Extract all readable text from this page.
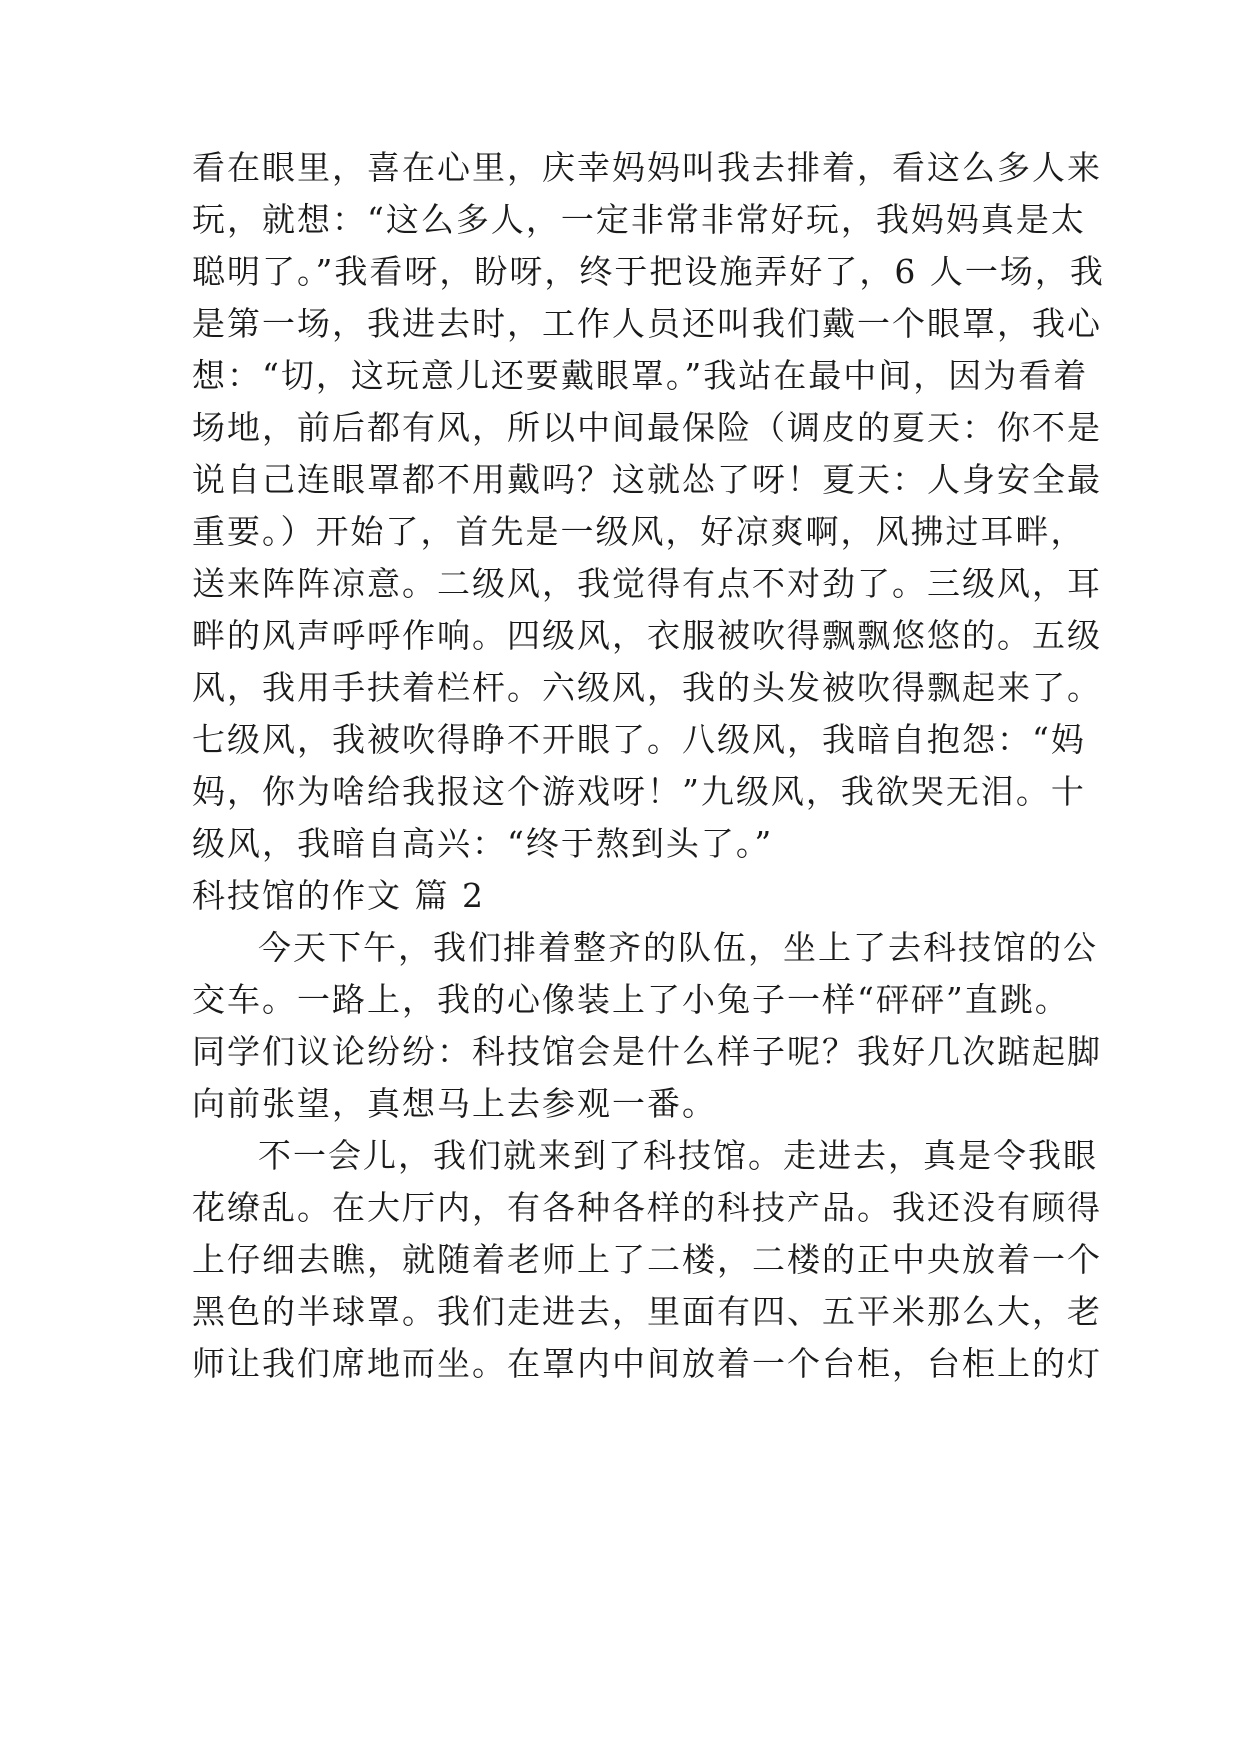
看在眼里，喜在心里，庆幸妈妈叫我去排着，看这么多人来
玩，就想：“这么多人，一定非常非常好玩，我妈妈真是太
聪明了。”我看呀，盼呀，终于把设施弄好了，6 人一场，我
是第一场，我进去时，工作人员还叫我们戴一个眼罩，我心
想：“切，这玩意儿还要戴眼罩。”我站在最中间，因为看着
场地，前后都有风，所以中间最保险（调皮的夏天：你不是
说自己连眼罩都不用戴吗？这就怂了呀！夏天：人身安全最
重要。）开始了，首先是一级风，好凉爽啊，风拂过耳畔，
送来阵阵凉意。二级风，我觉得有点不对劲了。三级风，耳
畔的风声呼呼作响。四级风，衣服被吹得飘飘悠悠的。五级
风，我用手扶着栏杆。六级风，我的头发被吹得飘起来了。
七级风，我被吹得睁不开眼了。八级风，我暗自抱怨：“妈
妈，你为啥给我报这个游戏呀！”九级风，我欲哭无泪。十
级风，我暗自高兴：“终于熬到头了。”
科技馆的作文 篇 2
今天下午，我们排着整齐的队伍，坐上了去科技馆的公
交车。一路上，我的心像装上了小兔子一样“砰砰”直跳。
同学们议论纷纷：科技馆会是什么样子呢？我好几次踮起脚
向前张望，真想马上去参观一番。
不一会儿，我们就来到了科技馆。走进去，真是令我眼
花缭乱。在大厅内，有各种各样的科技产品。我还没有顾得
上仔细去瞧，就随着老师上了二楼，二楼的正中央放着一个
黑色的半球罩。我们走进去，里面有四、五平米那么大，老
师让我们席地而坐。在罩内中间放着一个台柜，台柜上的灯
